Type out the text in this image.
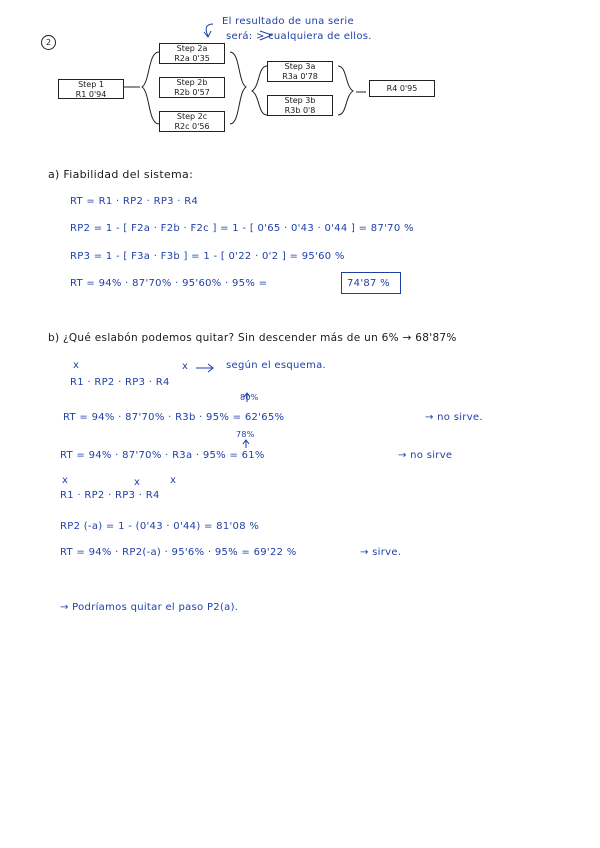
2
El resultado de una serie
será: > cualquiera de ellos.
Step 1
R1 0'94
Step 2a
R2a 0'35
Step 2b
R2b 0'57
Step 2c
R2c 0'56
Step 3a
R3a 0'78
Step 3b
R3b 0'8
R4 0'95
a) Fiabilidad del sistema:
RT = R1 · RP2 · RP3 · R4
RP2 = 1 - [ F2a · F2b · F2c ] = 1 - [ 0'65 · 0'43 · 0'44 ] = 87'70 %
RP3 = 1 - [ F3a · F3b ] = 1 - [ 0'22 · 0'2 ] = 95'60 %
RT = 94% · 87'70% · 95'60% · 95% =	74'87 %
b) ¿Qué eslabón podemos quitar? Sin descender más de un 6% → 68'87%
x	x	según el esquema.
R1 · RP2 · RP3 · R4
80%
RT = 94% · 87'70% · R3b · 95% = 62'65%	→ no sirve.
78%
RT = 94% · 87'70% · R3a · 95% = 61%	→ no sirve
x	x	x
R1 · RP2 · RP3 · R4
RP2 (-a) = 1 - (0'43 · 0'44) = 81'08 %
RT = 94% · RP2(-a) · 95'6% · 95% = 69'22 %	→ sirve.
→ Podríamos quitar el paso P2(a).
